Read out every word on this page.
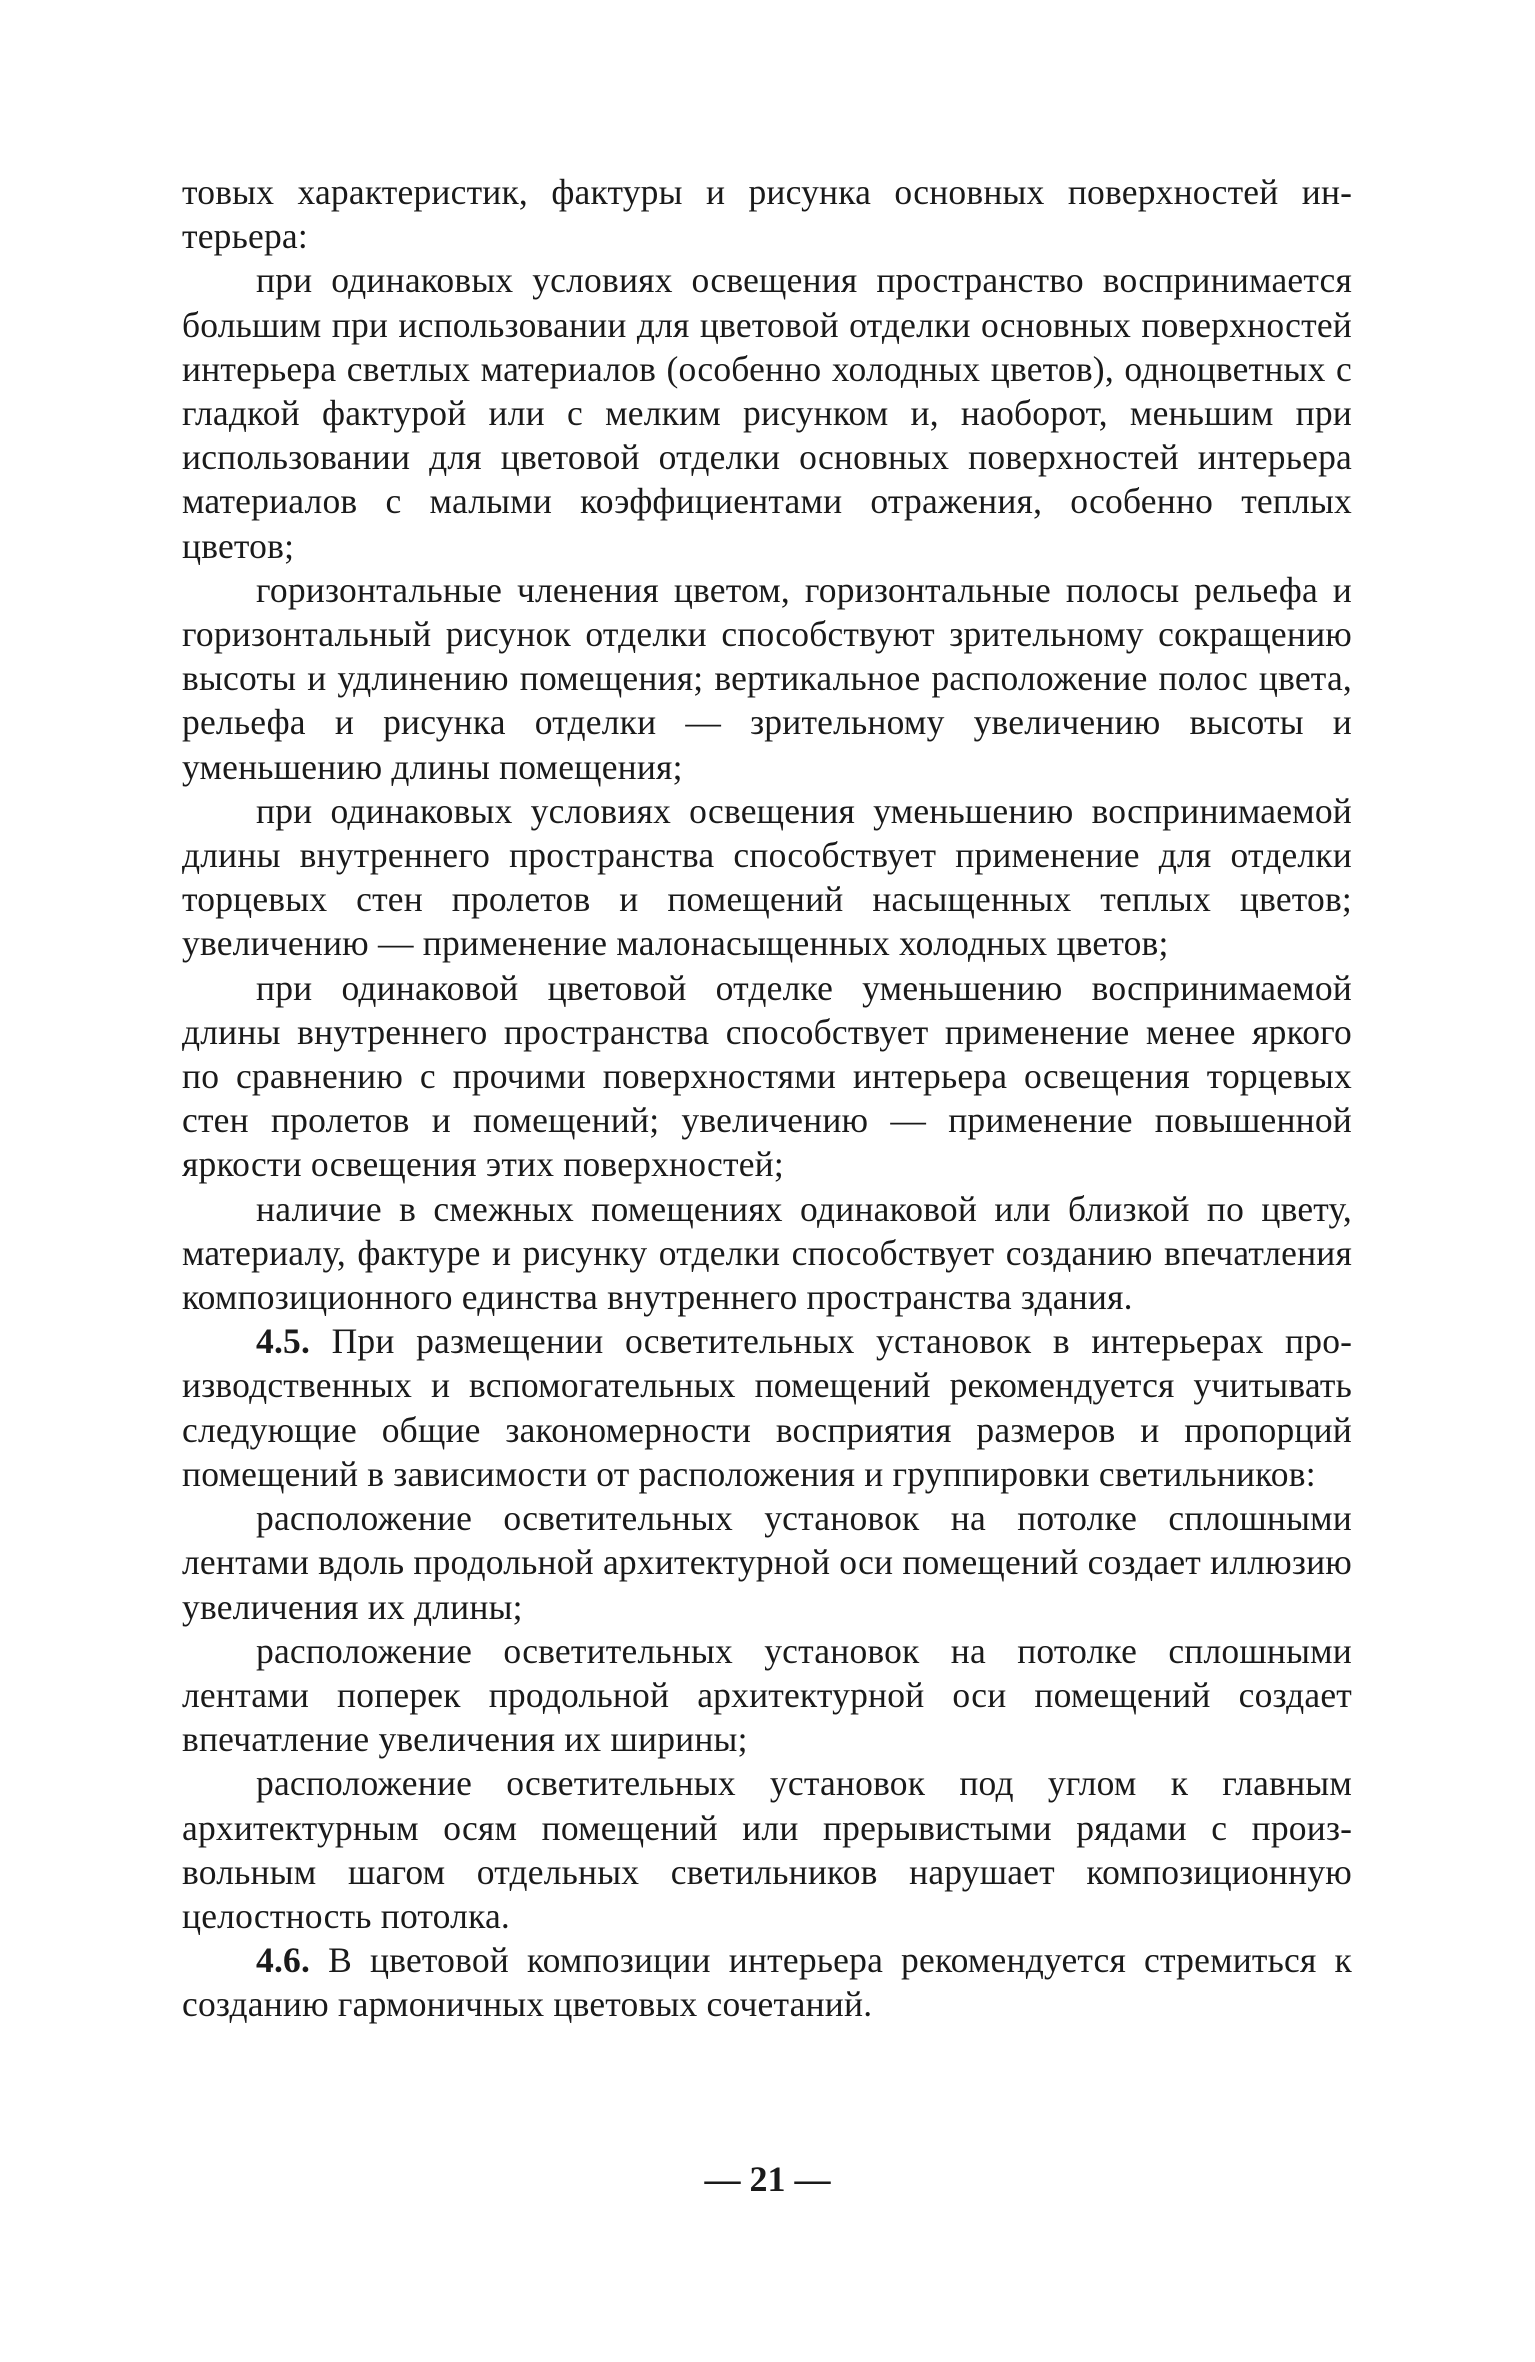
товых характеристик, фактуры и рисунка основных поверхностей интерьера:

при одинаковых условиях освещения пространство воспринимается большим при использовании для цветовой отделки основных поверхностей интерьера светлых материалов (особенно холодных цветов), одноцветных с гладкой фактурой или с мелким рисунком и, наоборот, меньшим при использовании для цветовой отделки основных поверхностей интерьера материалов с малыми коэффициентами отражения, особенно теплых цветов;

горизонтальные членения цветом, горизонтальные полосы рельефа и горизонтальный рисунок отделки способствуют зрительному сокращению высоты и удлинению помещения; вертикальное расположение полос цвета, рельефа и рисунка отделки — зрительному увеличению высоты и уменьшению длины помещения;

при одинаковых условиях освещения уменьшению воспринимаемой длины внутреннего пространства способствует применение для отделки торцевых стен пролетов и помещений насыщенных теплых цветов; увеличению — применение малонасыщенных холодных цветов;

при одинаковой цветовой отделке уменьшению воспринимаемой длины внутреннего пространства способствует применение менее яркого по сравнению с прочими поверхностями интерьера освещения торцевых стен пролетов и помещений; увеличению — применение повышенной яркости освещения этих поверхностей;

наличие в смежных помещениях одинаковой или близкой по цвету, материалу, фактуре и рисунку отделки способствует созданию впечатления композиционного единства внутреннего пространства здания.

4.5. При размещении осветительных установок в интерьерах производственных и вспомогательных помещений рекомендуется учитывать следующие общие закономерности восприятия размеров и пропорций помещений в зависимости от расположения и группировки светильников:

расположение осветительных установок на потолке сплошными лентами вдоль продольной архитектурной оси помещений создает иллюзию увеличения их длины;

расположение осветительных установок на потолке сплошными лентами поперек продольной архитектурной оси помещений создает впечатление увеличения их ширины;

расположение осветительных установок под углом к главным архитектурным осям помещений или прерывистыми рядами с произвольным шагом отдельных светильников нарушает композиционную целостность потолка.

4.6. В цветовой композиции интерьера рекомендуется стремиться к созданию гармоничных цветовых сочетаний.

— 21 —
